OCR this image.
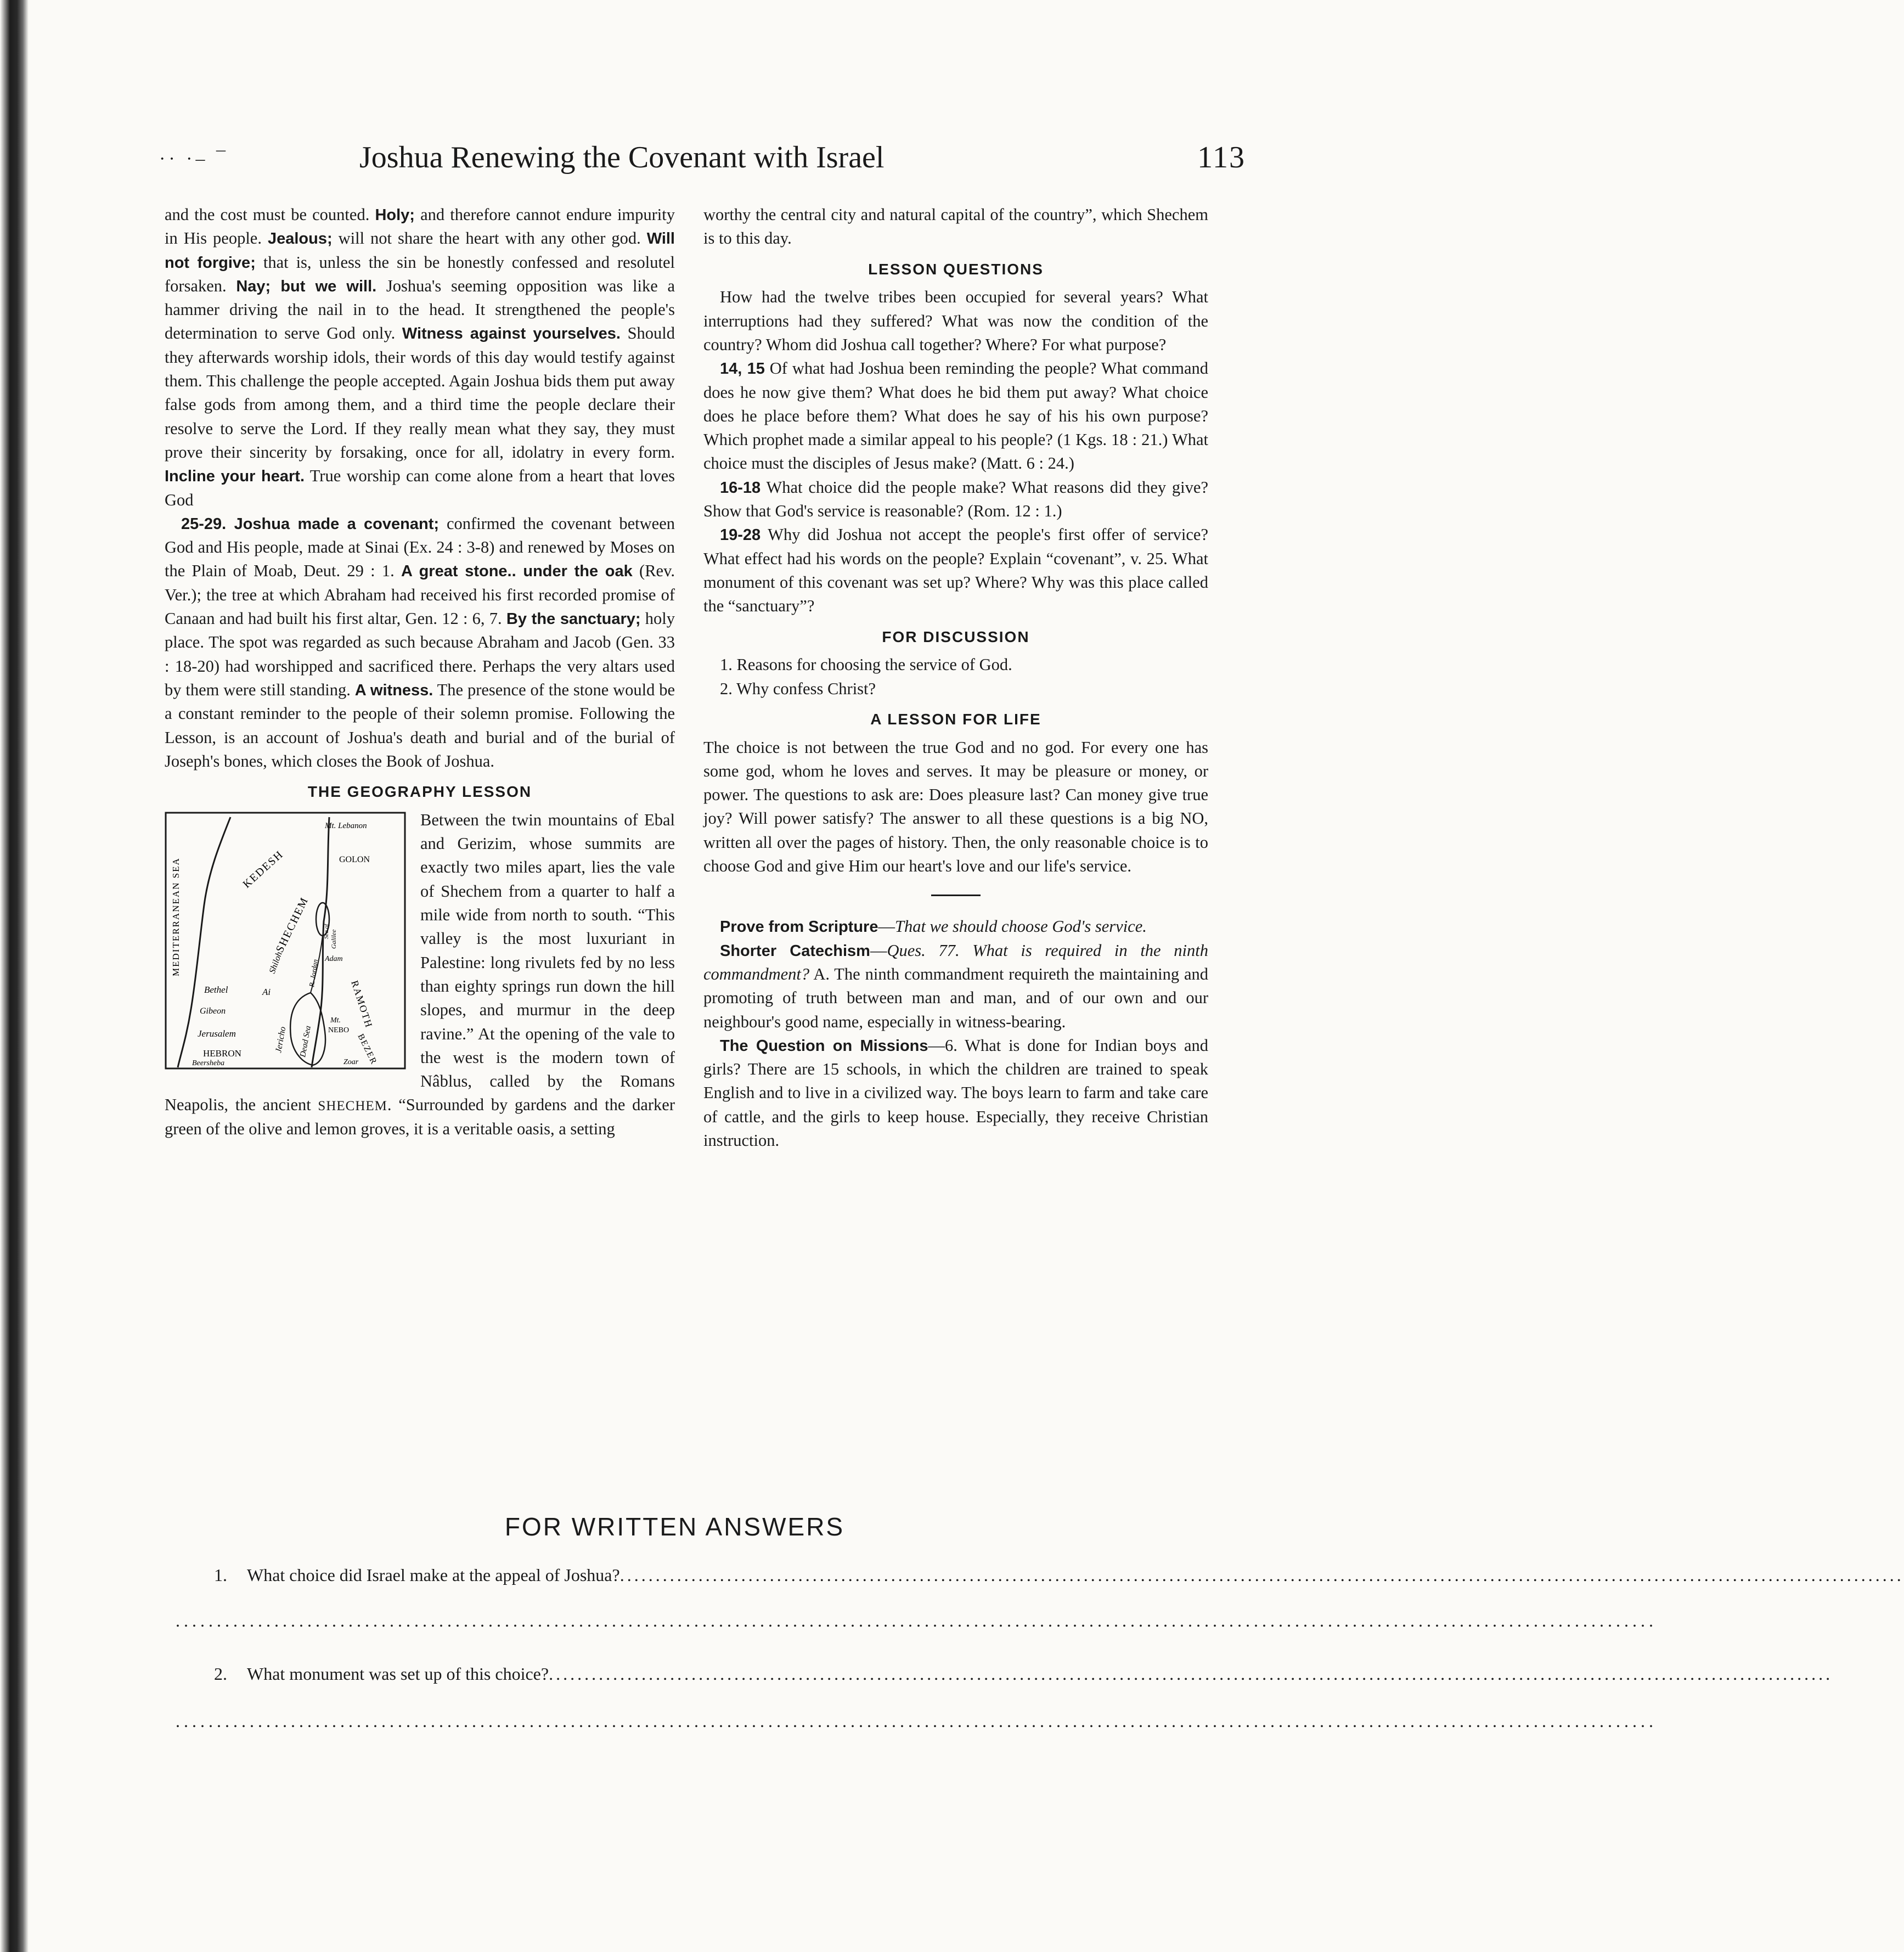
·· ·– ¯	Joshua Renewing the Covenant with Israel	113

and the cost must be counted. Holy; and therefore cannot endure impurity in His people. Jealous; will not share the heart with any other god. Will not forgive; that is, unless the sin be honestly confessed and resolutel forsaken. Nay; but we will. Joshua's seeming opposition was like a hammer driving the nail in to the head. It strengthened the people's determination to serve God only. Witness against yourselves. Should they afterwards worship idols, their words of this day would testify against them. This challenge the people accepted. Again Joshua bids them put away false gods from among them, and a third time the people declare their resolve to serve the Lord. If they really mean what they say, they must prove their sincerity by forsaking, once for all, idolatry in every form. Incline your heart. True worship can come alone from a heart that loves God

25-29. Joshua made a covenant; confirmed the covenant between God and His people, made at Sinai (Ex. 24 : 3-8) and renewed by Moses on the Plain of Moab, Deut. 29 : 1. A great stone.. under the oak (Rev. Ver.); the tree at which Abraham had received his first recorded promise of Canaan and had built his first altar, Gen. 12 : 6, 7. By the sanctuary; holy place. The spot was regarded as such because Abraham and Jacob (Gen. 33 : 18-20) had worshipped and sacrificed there. Perhaps the very altars used by them were still standing. A witness. The presence of the stone would be a constant reminder to the people of their solemn promise. Following the Lesson, is an account of Joshua's death and burial and of the burial of Joseph's bones, which closes the Book of Joshua.

THE GEOGRAPHY LESSON
MEDITERRANEAN SEA
Mt. Lebanon
KEDESH	GOLON
SHECHEM
Shiloh	Adam
Bethel	Ai
Gibeon
Jerusalem
HEBRON
Beersheba
Jericho Dead Sea
R. Jordan
Galilee
Sea of
RAMOTH
Mt.
NEBO
BEZER
Zoar

Between the twin mountains of Ebal and Gerizim, whose summits are exactly two miles apart, lies the vale of Shechem from a quarter to half a mile wide from north to south. “This valley is the most luxuriant in Palestine: long rivulets fed by no less than eighty springs run down the hill slopes, and murmur in the deep ravine.” At the opening of the vale to the west is the modern town of Nâblus, called by the Romans Neapolis, the ancient SHECHEM. “Surrounded by gardens and the darker green of the olive and lemon groves, it is a veritable oasis, a setting

worthy the central city and natural capital of the country”, which Shechem is to this day.

LESSON QUESTIONS

How had the twelve tribes been occupied for several years? What interruptions had they suffered? What was now the condition of the country? Whom did Joshua call together? Where? For what purpose?

14, 15 Of what had Joshua been reminding the people? What command does he now give them? What does he bid them put away? What choice does he place before them? What does he say of his his own purpose? Which prophet made a similar appeal to his people? (1 Kgs. 18 : 21.) What choice must the disciples of Jesus make? (Matt. 6 : 24.)

16-18 What choice did the people make? What reasons did they give? Show that God's service is reasonable? (Rom. 12 : 1.)

19-28 Why did Joshua not accept the people's first offer of service? What effect had his words on the people? Explain “covenant”, v. 25. What monument of this covenant was set up? Where? Why was this place called the “sanctuary”?

FOR DISCUSSION

1. Reasons for choosing the service of God.

2. Why confess Christ?

A LESSON FOR LIFE

The choice is not between the true God and no god. For every one has some god, whom he loves and serves. It may be pleasure or money, or power. The questions to ask are: Does pleasure last? Can money give true joy? Will power satisfy? The answer to all these questions is a big NO, written all over the pages of history. Then, the only reasonable choice is to choose God and give Him our heart's love and our life's service.

Prove from Scripture—That we should choose God's service.

Shorter Catechism—Ques. 77. What is required in the ninth commandment? A. The ninth commandment requireth the maintaining and promoting of truth between man and man, and of our own and our neighbour's good name, especially in witness-bearing.

The Question on Missions—6. What is done for Indian boys and girls? There are 15 schools, in which the children are trained to speak English and to live in a civilized way. The boys learn to farm and take care of cattle, and the girls to keep house. Especially, they receive Christian instruction.

FOR WRITTEN ANSWERS
1. What choice did Israel make at the appeal of Joshua?....................................................................................................................................................................................
....................................................................................................................................................................................
2. What monument was set up of this choice?....................................................................................................................................................................................
....................................................................................................................................................................................
